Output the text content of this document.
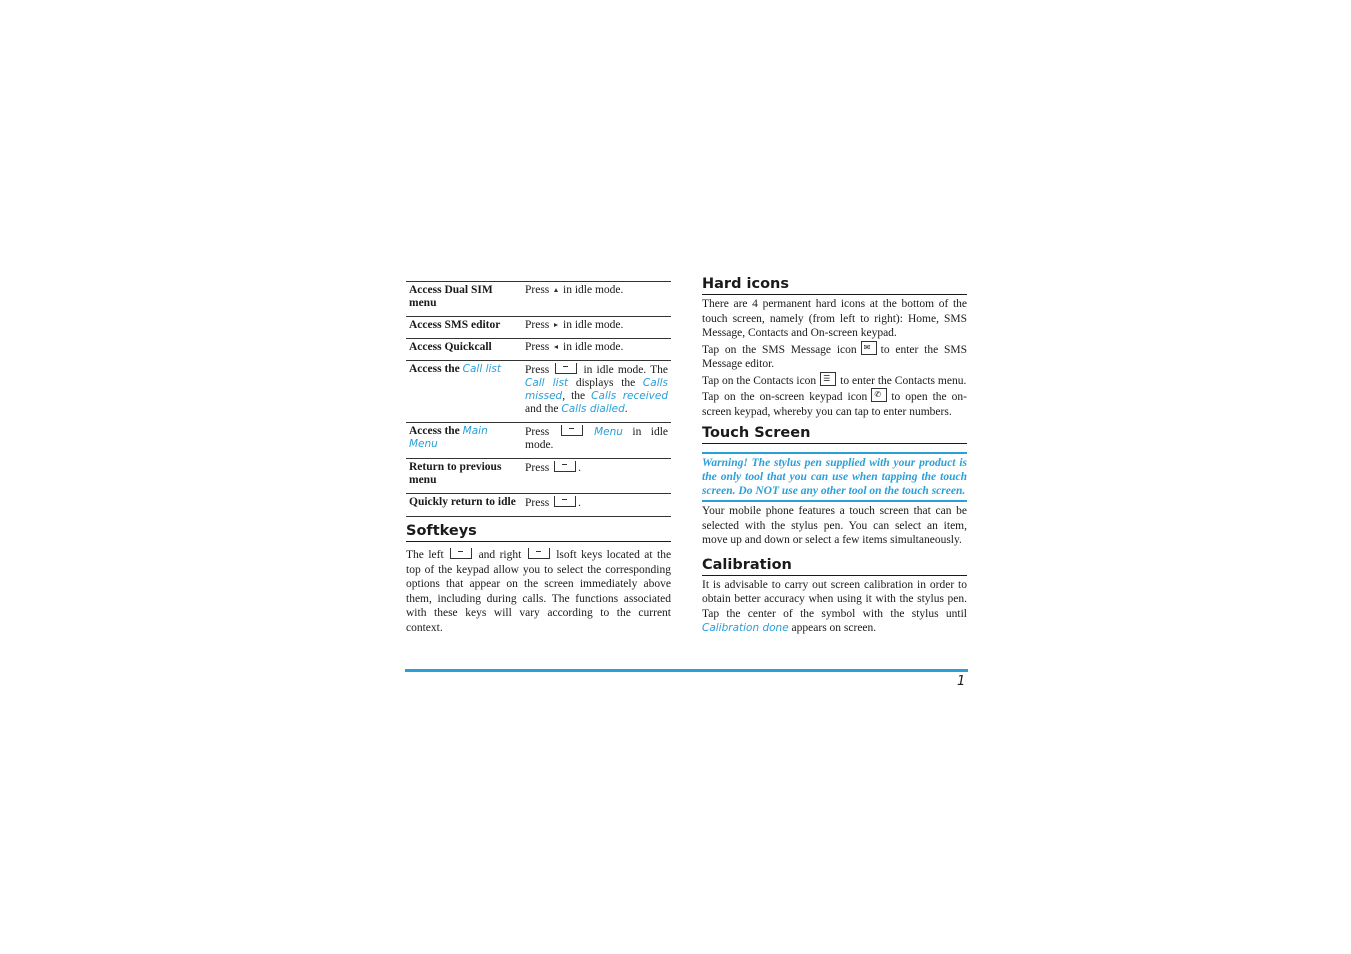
Access Dual SIM menu	Press in idle mode.
Access SMS editor	Press in idle mode.
Access Quickcall	Press in idle mode.
Access the Call list	Press in idle mode. The Call list displays the Calls missed, the Calls received and the Calls dialled.
Access the Main Menu	Press Menu in idle mode.
Return to previous menu	Press .
Quickly return to idle	Press .
Softkeys

The left	and right	lsoft keys located at the top of the keypad allow you to select the corresponding options that appear on the screen immediately above them, including during calls. The functions associated with these keys will vary according to the current context.

Hard icons

There are 4 permanent hard icons at the bottom of the touch screen, namely (from left to right): Home, SMS Message, Contacts and On-screen keypad.

Tap on the SMS Message icon ✉ to enter the SMS Message editor.

Tap on the Contacts icon ☰ to enter the Contacts menu.

Tap on the on-screen keypad icon ✆ to open the on-screen keypad, whereby you can tap to enter numbers.

Touch Screen
Warning! The stylus pen supplied with your product is the only tool that you can use when tapping the touch screen. Do NOT use any other tool on the touch screen.

Your mobile phone features a touch screen that can be selected with the stylus pen. You can select an item, move up and down or select a few items simultaneously.

Calibration

It is advisable to carry out screen calibration in order to obtain better accuracy when using it with the stylus pen. Tap the center of the symbol with the stylus until Calibration done appears on screen.

1
